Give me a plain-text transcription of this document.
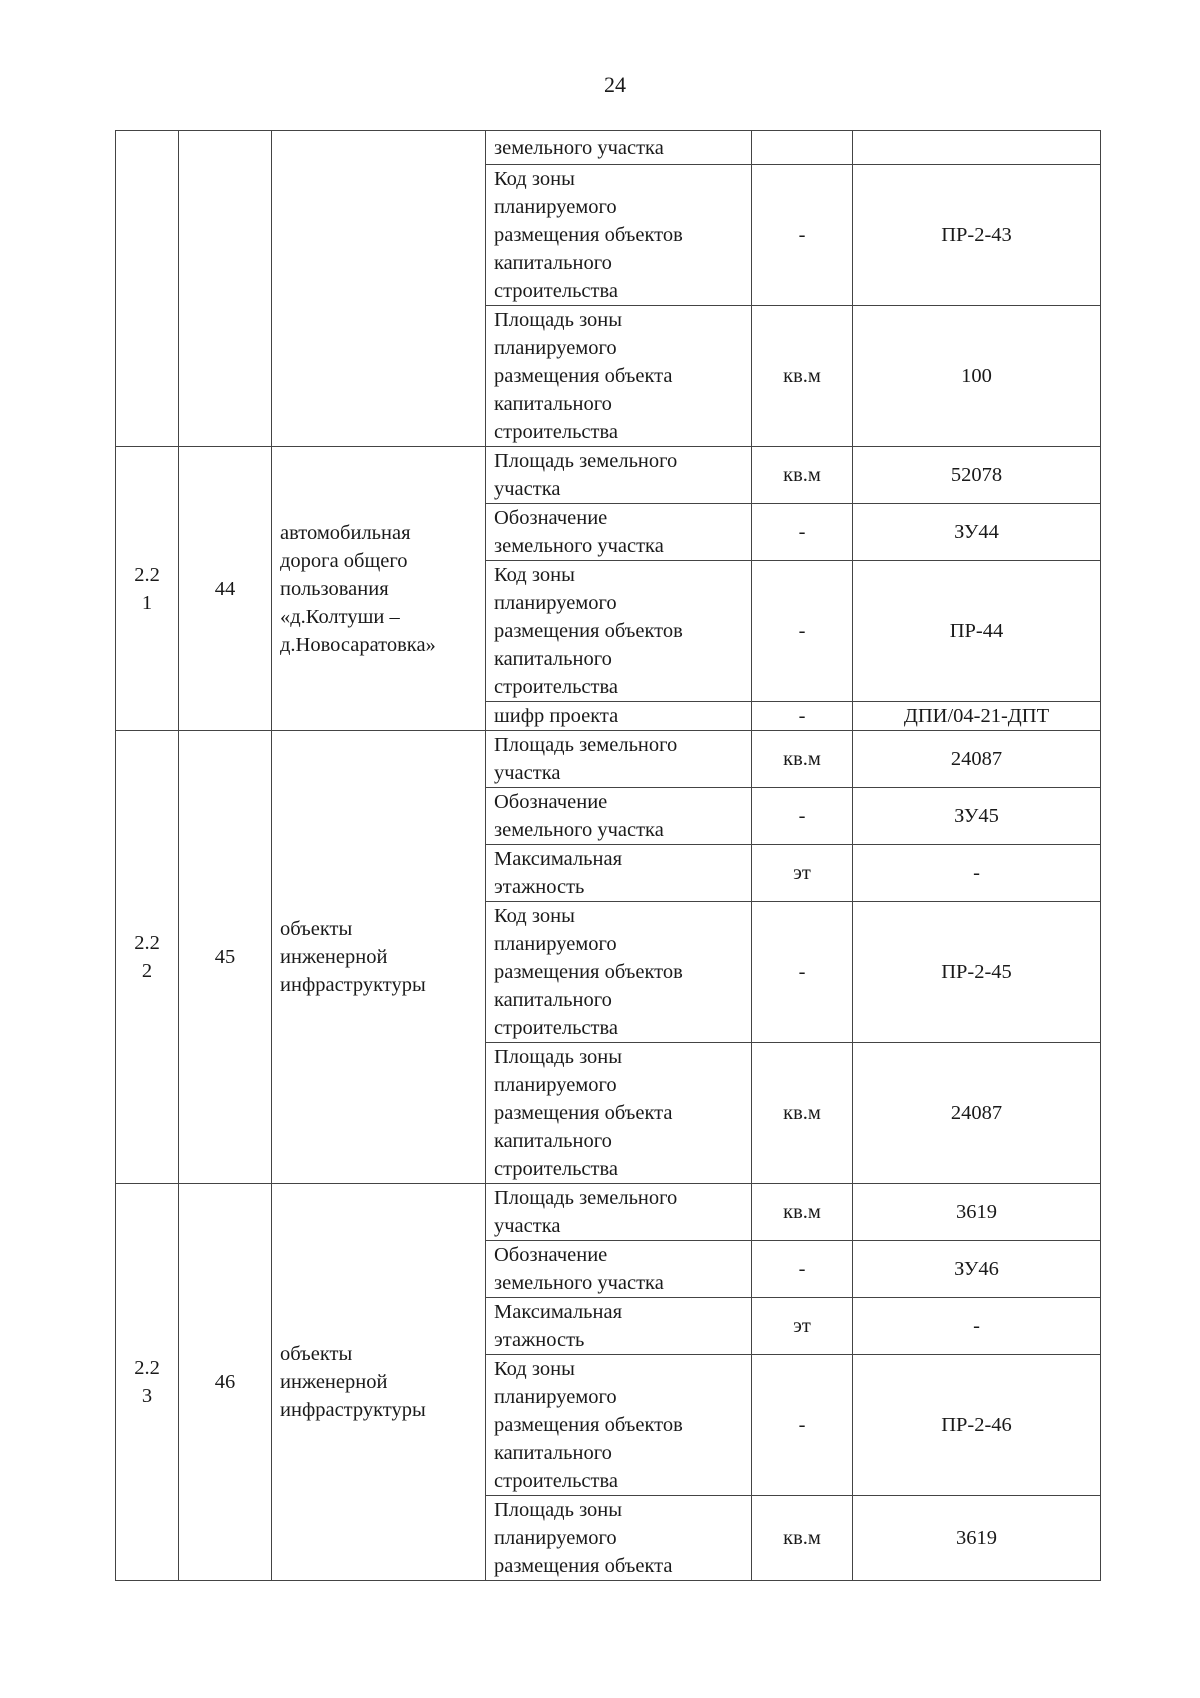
24
			земельного участка		

			Код зоны
планируемого
размещения объектов
капитального
строительства	-	ПР-2-43

			Площадь зоны
планируемого
размещения объекта
капитального
строительства	кв.м	100

2.2
1	44	автомобильная
дорога общего
пользования
«д.Колтуши –
д.Новосаратовка»	Площадь земельного
участка	кв.м	52078

			Обозначение
земельного участка	-	ЗУ44

			Код зоны
планируемого
размещения объектов
капитального
строительства	-	ПР-44
			шифр проекта	-	ДПИ/04-21-ДПТ

2.2
2	45	объекты
инженерной
инфраструктуры	Площадь земельного
участка	кв.м	24087

			Обозначение
земельного участка	-	ЗУ45

			Максимальная
этажность	эт	-

			Код зоны
планируемого
размещения объектов
капитального
строительства	-	ПР-2-45

			Площадь зоны
планируемого
размещения объекта
капитального
строительства	кв.м	24087

2.2
3	46	объекты
инженерной
инфраструктуры	Площадь земельного
участка	кв.м	3619

			Обозначение
земельного участка	-	ЗУ46

			Максимальная
этажность	эт	-

			Код зоны
планируемого
размещения объектов
капитального
строительства	-	ПР-2-46

			Площадь зоны
планируемого
размещения объекта	кв.м	3619
